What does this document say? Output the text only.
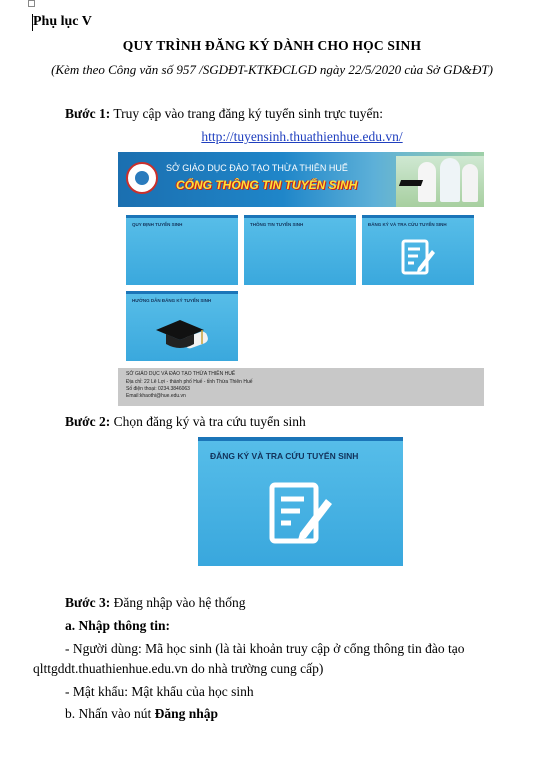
Phụ lục V
QUY TRÌNH ĐĂNG KÝ DÀNH CHO HỌC SINH
(Kèm theo Công văn số 957 /SGDĐT-KTKĐCLGD ngày 22/5/2020 của Sở GD&ĐT)
Bước 1: Truy cập vào trang đăng ký tuyển sinh trực tuyến:
http://tuyensinh.thuathienhue.edu.vn/
SỞ GIÁO DỤC ĐÀO TẠO THỪA THIÊN HUẾ
CỔNG THÔNG TIN TUYỂN SINH
QUY ĐỊNH TUYỂN SINH	THÔNG TIN TUYỂN SINH	ĐĂNG KÝ VÀ TRA CỨU TUYỂN SINH
HƯỚNG DẪN ĐĂNG KÝ TUYỂN SINH
SỞ GIÁO DỤC VÀ ĐÀO TẠO THỪA THIÊN HUẾ
Địa chỉ: 22 Lê Lợi - thành phố Huế - tỉnh Thừa Thiên Huế
Số điện thoại: 0234.3846063
Email:khaothi@hue.edu.vn
Bước 2: Chọn đăng ký và tra cứu tuyển sinh
ĐĂNG KÝ VÀ TRA CỨU TUYỂN SINH
Bước 3: Đăng nhập vào hệ thống
a. Nhập thông tin:
- Người dùng: Mã học sinh (là tài khoản truy cập ở cổng thông tin đào tạo
qlttgddt.thuathienhue.edu.vn do nhà trường cung cấp)
- Mật khẩu: Mật khẩu của học sinh
b. Nhấn vào nút Đăng nhập
